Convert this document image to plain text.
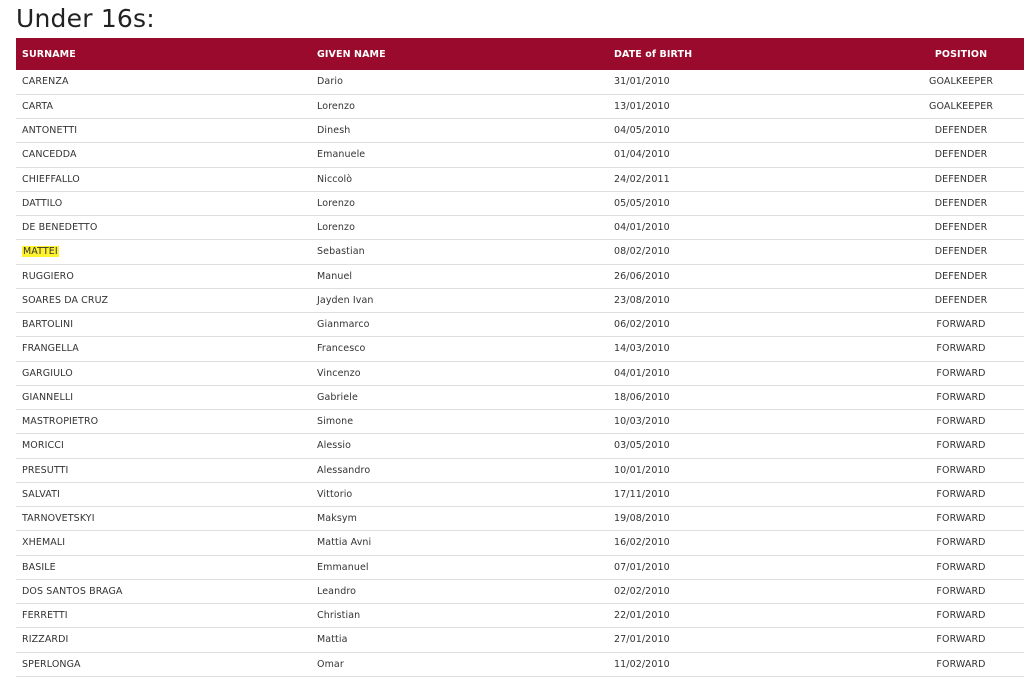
Under 16s:
SURNAME	GIVEN NAME	DATE of BIRTH	POSITION
CARENZA	Dario	31/01/2010	GOALKEEPER
CARTA	Lorenzo	13/01/2010	GOALKEEPER
ANTONETTI	Dinesh	04/05/2010	DEFENDER
CANCEDDA	Emanuele	01/04/2010	DEFENDER
CHIEFFALLO	Niccolò	24/02/2011	DEFENDER
DATTILO	Lorenzo	05/05/2010	DEFENDER
DE BENEDETTO	Lorenzo	04/01/2010	DEFENDER
MATTEI	Sebastian	08/02/2010	DEFENDER
RUGGIERO	Manuel	26/06/2010	DEFENDER
SOARES DA CRUZ	Jayden Ivan	23/08/2010	DEFENDER
BARTOLINI	Gianmarco	06/02/2010	FORWARD
FRANGELLA	Francesco	14/03/2010	FORWARD
GARGIULO	Vincenzo	04/01/2010	FORWARD
GIANNELLI	Gabriele	18/06/2010	FORWARD
MASTROPIETRO	Simone	10/03/2010	FORWARD
MORICCI	Alessio	03/05/2010	FORWARD
PRESUTTI	Alessandro	10/01/2010	FORWARD
SALVATI	Vittorio	17/11/2010	FORWARD
TARNOVETSKYI	Maksym	19/08/2010	FORWARD
XHEMALI	Mattia Avni	16/02/2010	FORWARD
BASILE	Emmanuel	07/01/2010	FORWARD
DOS SANTOS BRAGA	Leandro	02/02/2010	FORWARD
FERRETTI	Christian	22/01/2010	FORWARD
RIZZARDI	Mattia	27/01/2010	FORWARD
SPERLONGA	Omar	11/02/2010	FORWARD
